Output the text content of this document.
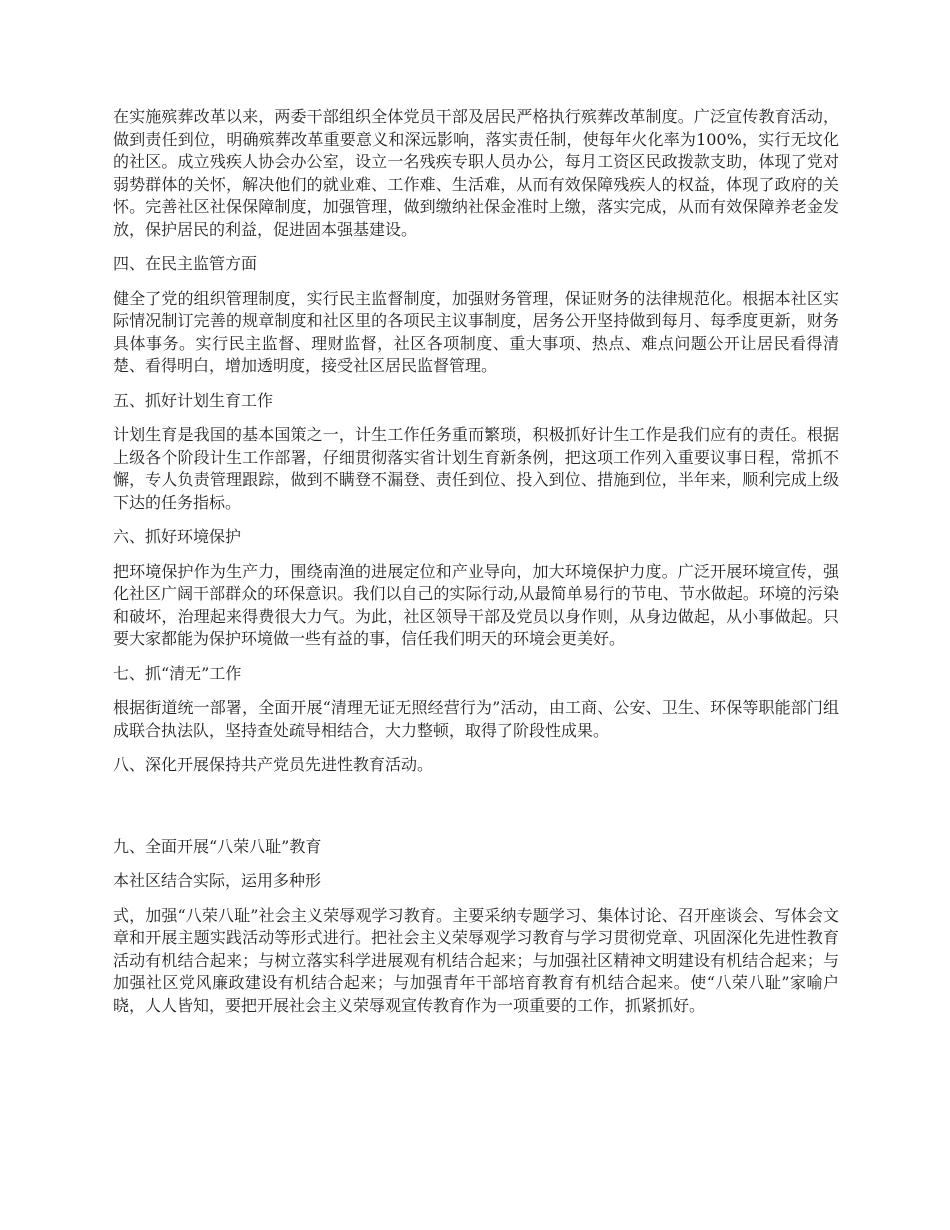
在实施殡葬改革以来，两委干部组织全体党员干部及居民严格执行殡葬改革制度。广泛宣传教育活动，做到责任到位，明确殡葬改革重要意义和深远影响，落实责任制，使每年火化率为100%，实行无坟化的社区。成立残疾人协会办公室，设立一名残疾专职人员办公，每月工资区民政拨款支助，体现了党对弱势群体的关怀，解决他们的就业难、工作难、生活难，从而有效保障残疾人的权益，体现了政府的关怀。完善社区社保保障制度，加强管理，做到缴纳社保金准时上缴，落实完成，从而有效保障养老金发放，保护居民的利益，促进固本强基建设。

四、在民主监管方面

健全了党的组织管理制度，实行民主监督制度，加强财务管理，保证财务的法律规范化。根据本社区实际情况制订完善的规章制度和社区里的各项民主议事制度，居务公开坚持做到每月、每季度更新，财务具体事务。实行民主监督、理财监督，社区各项制度、重大事项、热点、难点问题公开让居民看得清楚、看得明白，增加透明度，接受社区居民监督管理。

五、抓好计划生育工作

计划生育是我国的基本国策之一，计生工作任务重而繁琐，积极抓好计生工作是我们应有的责任。根据上级各个阶段计生工作部署，仔细贯彻落实省计划生育新条例，把这项工作列入重要议事日程，常抓不懈，专人负责管理跟踪，做到不瞒登不漏登、责任到位、投入到位、措施到位，半年来，顺利完成上级下达的任务指标。

六、抓好环境保护

把环境保护作为生产力，围绕南渔的进展定位和产业导向，加大环境保护力度。广泛开展环境宣传，强化社区广阔干部群众的环保意识。我们以自己的实际行动,从最简单易行的节电、节水做起。环境的污染和破坏，治理起来得费很大力气。为此，社区领导干部及党员以身作则，从身边做起，从小事做起。只要大家都能为保护环境做一些有益的事，信任我们明天的环境会更美好。

七、抓“清无”工作

根据街道统一部署，全面开展“清理无证无照经营行为”活动，由工商、公安、卫生、环保等职能部门组成联合执法队，坚持查处疏导相结合，大力整顿，取得了阶段性成果。

八、深化开展保持共产党员先进性教育活动。

九、全面开展“八荣八耻”教育

本社区结合实际，运用多种形

式，加强“八荣八耻”社会主义荣辱观学习教育。主要采纳专题学习、集体讨论、召开座谈会、写体会文章和开展主题实践活动等形式进行。把社会主义荣辱观学习教育与学习贯彻党章、巩固深化先进性教育活动有机结合起来；与树立落实科学进展观有机结合起来；与加强社区精神文明建设有机结合起来；与加强社区党风廉政建设有机结合起来；与加强青年干部培育教育有机结合起来。使“八荣八耻”家喻户晓，人人皆知，要把开展社会主义荣辱观宣传教育作为一项重要的工作，抓紧抓好。
